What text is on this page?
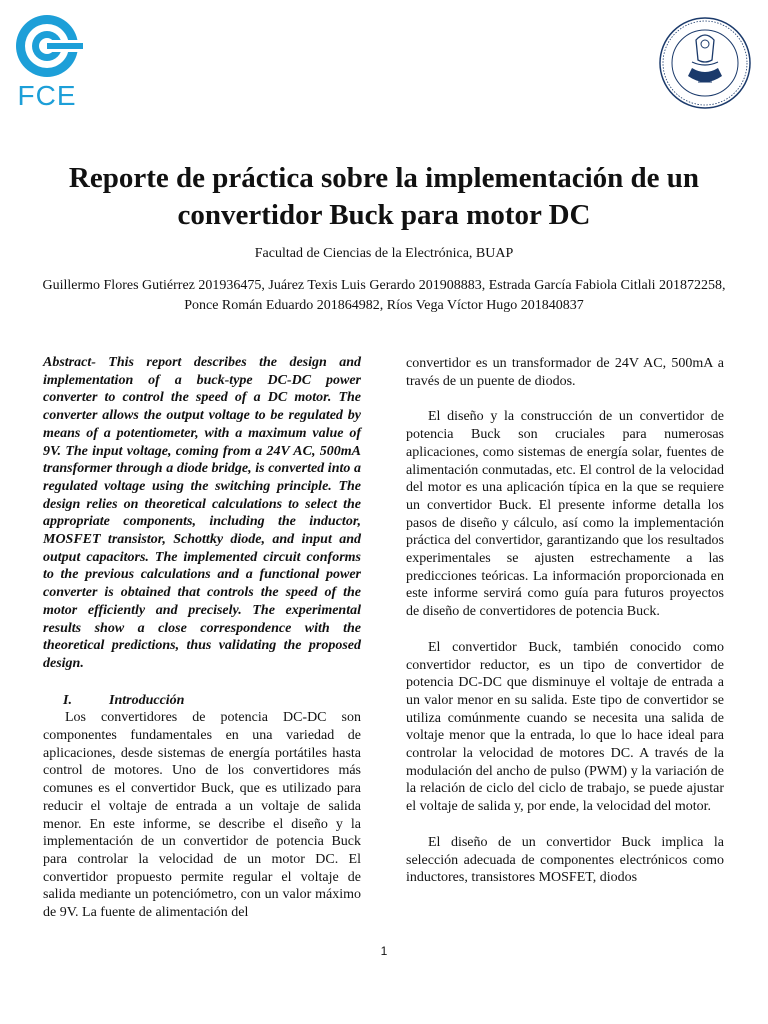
FCE
Reporte de práctica sobre la implementación de un convertidor Buck para motor DC
Facultad de Ciencias de la Electrónica, BUAP
Guillermo Flores Gutiérrez 201936475, Juárez Texis Luis Gerardo 201908883, Estrada García Fabiola Citlali 201872258, Ponce Román Eduardo 201864982, Ríos Vega Víctor Hugo 201840837

Abstract- This report describes the design and implementation of a buck-type DC-DC power converter to control the speed of a DC motor. The converter allows the output voltage to be regulated by means of a potentiometer, with a maximum value of 9V. The input voltage, coming from a 24V AC, 500mA transformer through a diode bridge, is converted into a regulated voltage using the switching principle. The design relies on theoretical calculations to select the appropriate components, including the inductor, MOSFET transistor, Schottky diode, and input and output capacitors. The implemented circuit conforms to the previous calculations and a functional power converter is obtained that controls the speed of the motor efficiently and precisely. The experimental results show a close correspondence with the theoretical predictions, thus validating the proposed design.

I.	Introducción

Los convertidores de potencia DC-DC son componentes fundamentales en una variedad de aplicaciones, desde sistemas de energía portátiles hasta control de motores. Uno de los convertidores más comunes es el convertidor Buck, que es utilizado para reducir el voltaje de entrada a un voltaje de salida menor. En este informe, se describe el diseño y la implementación de un convertidor de potencia Buck para controlar la velocidad de un motor DC. El convertidor propuesto permite regular el voltaje de salida mediante un potenciómetro, con un valor máximo de 9V. La fuente de alimentación del

convertidor es un transformador de 24V AC, 500mA a través de un puente de diodos.

El diseño y la construcción de un convertidor de potencia Buck son cruciales para numerosas aplicaciones, como sistemas de energía solar, fuentes de alimentación conmutadas, etc. El control de la velocidad del motor es una aplicación típica en la que se requiere un convertidor Buck. El presente informe detalla los pasos de diseño y cálculo, así como la implementación práctica del convertidor, garantizando que los resultados experimentales se ajusten estrechamente a las predicciones teóricas. La información proporcionada en este informe servirá como guía para futuros proyectos de diseño de convertidores de potencia Buck.

El convertidor Buck, también conocido como convertidor reductor, es un tipo de convertidor de potencia DC-DC que disminuye el voltaje de entrada a un valor menor en su salida. Este tipo de convertidor se utiliza comúnmente cuando se necesita una salida de voltaje menor que la entrada, lo que lo hace ideal para controlar la velocidad de motores DC. A través de la modulación del ancho de pulso (PWM) y la variación de la relación de ciclo del ciclo de trabajo, se puede ajustar el voltaje de salida y, por ende, la velocidad del motor.

El diseño de un convertidor Buck implica la selección adecuada de componentes electrónicos como inductores, transistores MOSFET, diodos

1
